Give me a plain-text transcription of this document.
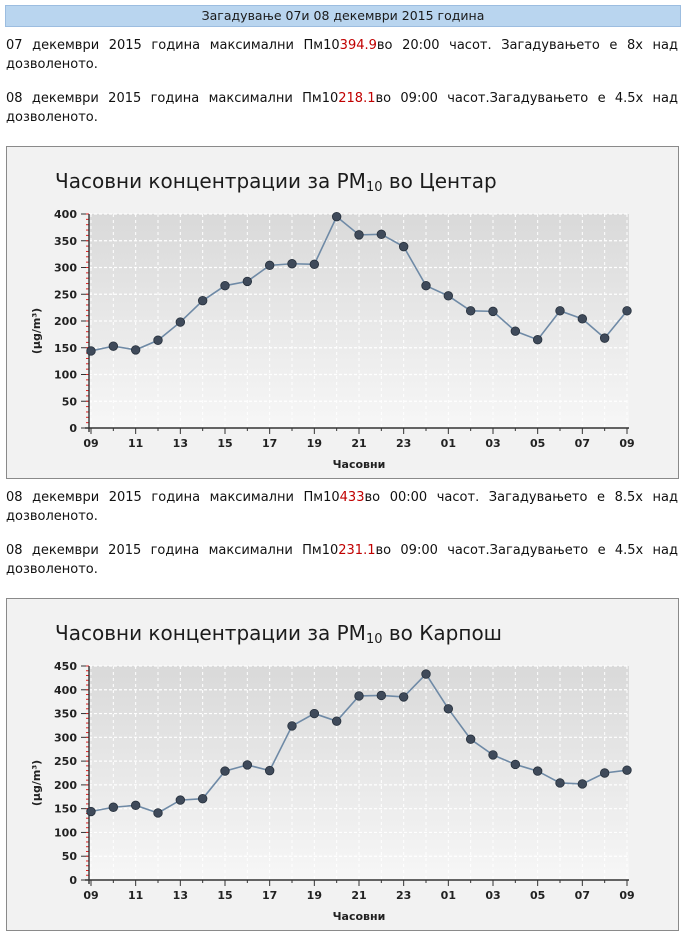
Загадување 07и 08 декември 2015 година

07 декември 2015 година максимални Пм10394.9во 20:00 часот. Загадувањето е 8х над дозволеното.

08 декември 2015 година максимални Пм10218.1во 09:00 часот.Загадувањето е 4.5х над дозволеното.

Часовни концентрации за PM10 во Центар
0
50
100
150
200
250
300
350
400
09	11	13	15	17	19	21	23	01	03	05	07	09
Часовни
(µg/m³)

08 декември 2015 година максимални Пм10433во 00:00 часот. Загадувањето е 8.5х над дозволеното.

08 декември 2015 година максимални Пм10231.1во 09:00 часот.Загадувањето е 4.5х над дозволеното.

Часовни концентрации за PM10 во Карпош
0
50
100
150
200
250
300
350
400
450
09	11	13	15	17	19	21	23	01	03	05	07	09
Часовни
(µg/m³)
